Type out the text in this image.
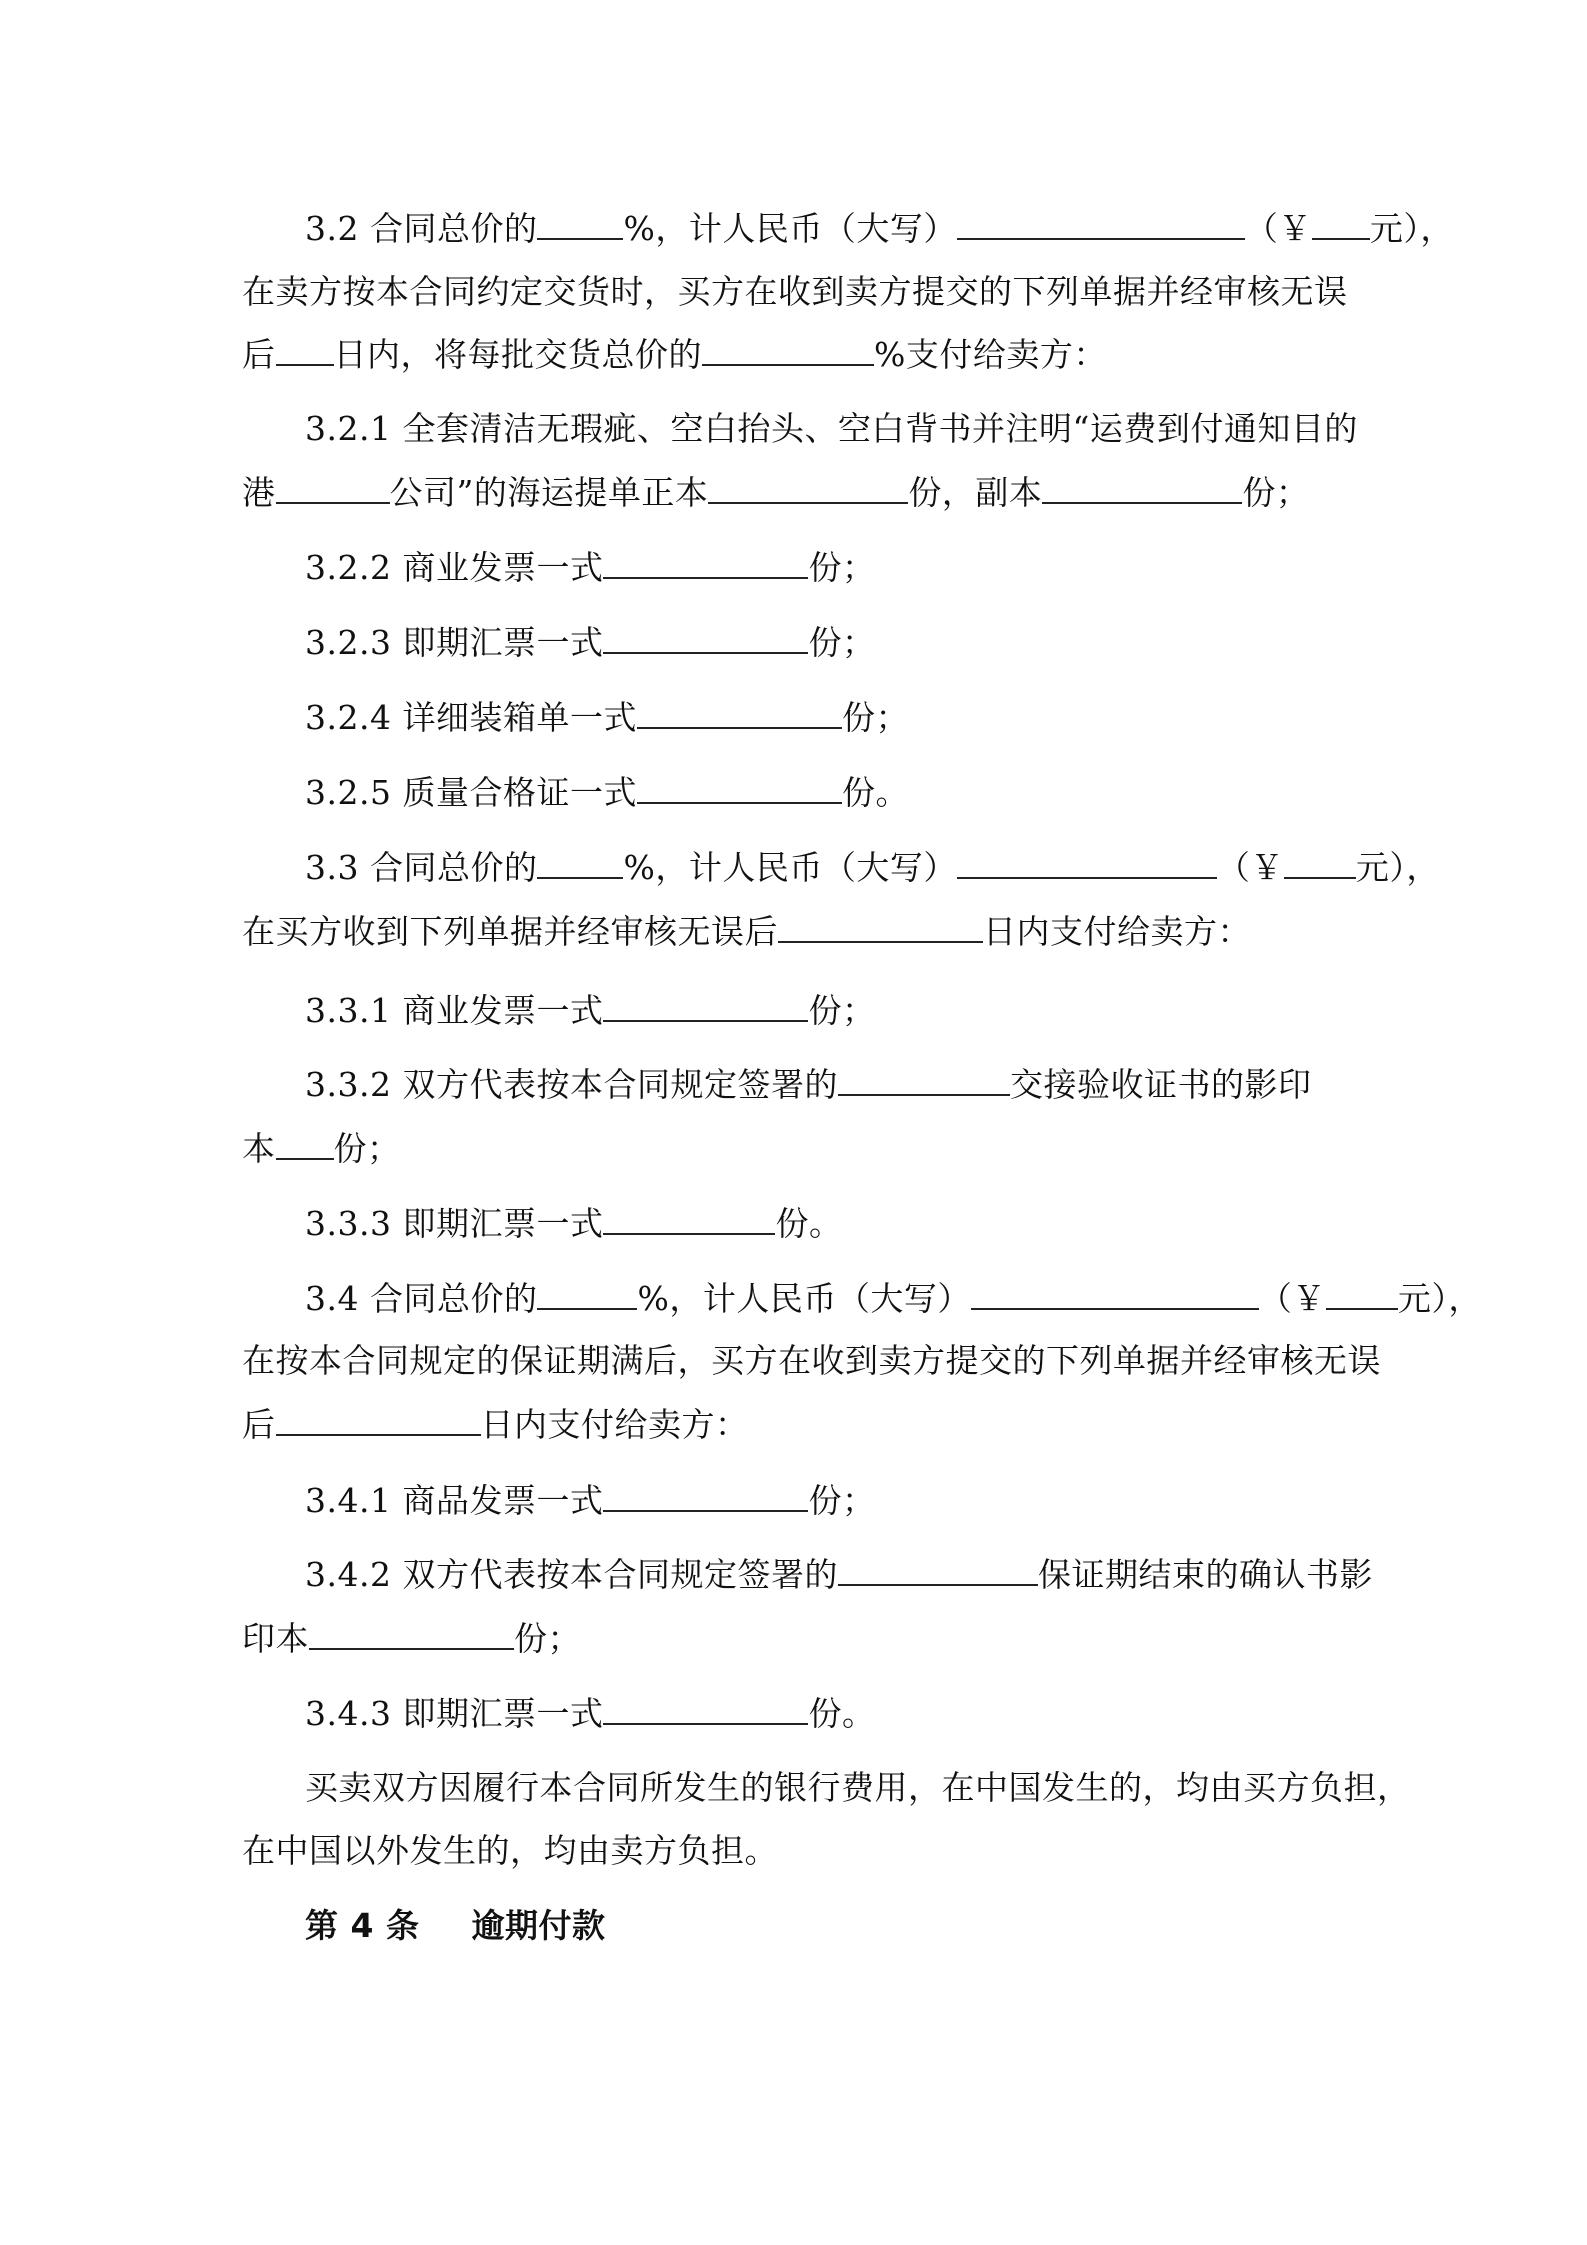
3.2 合同总价的	%，计人民币（大写）	（￥ 元），
在卖方按本合同约定交货时，买方在收到卖方提交的下列单据并经审核无误
后 日内，将每批交货总价的	%支付给卖方：
3.2.1 全套清洁无瑕疵、空白抬头、空白背书并注明“运费到付通知目的
港	公司”的海运提单正本	份，副本	份；
3.2.2 商业发票一式	份；
3.2.3 即期汇票一式	份；
3.2.4 详细装箱单一式	份；
3.2.5 质量合格证一式	份。
3.3 合同总价的	%，计人民币（大写）	（￥ 元），
在买方收到下列单据并经审核无误后	日内支付给卖方：
3.3.1 商业发票一式	份；
3.3.2 双方代表按本合同规定签署的	交接验收证书的影印
本 份；
3.3.3 即期汇票一式	份。
3.4 合同总价的	%，计人民币（大写）	（￥ 元），
在按本合同规定的保证期满后，买方在收到卖方提交的下列单据并经审核无误
后	日内支付给卖方：
3.4.1 商品发票一式	份；
3.4.2 双方代表按本合同规定签署的	保证期结束的确认书影
印本	份；
3.4.3 即期汇票一式	份。
买卖双方因履行本合同所发生的银行费用，在中国发生的，均由买方负担，
在中国以外发生的，均由卖方负担。
第 4 条 逾期付款
